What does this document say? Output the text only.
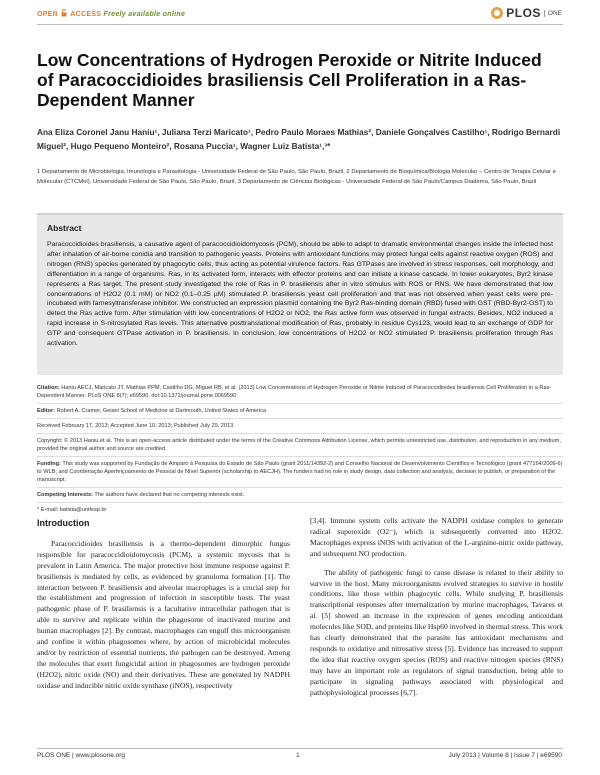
OPEN ACCESS Freely available online	PLOS	ONE
Low Concentrations of Hydrogen Peroxide or Nitrite Induced of Paracoccidioides brasiliensis Cell Proliferation in a Ras-Dependent Manner
Ana Eliza Coronel Janu Haniu¹, Juliana Terzi Maricato¹, Pedro Paulo Moraes Mathias², Daniele Gonçalves Castilho¹, Rodrigo Bernardi Miguel², Hugo Pequeno Monteiro², Rosana Puccia¹, Wagner Luiz Batista¹,³*
1 Departamento de Microbiologia, Imunologia e Parasitologia - Universidade Federal de São Paulo, São Paulo, Brazil, 2 Departamento de Bioquímica/Biologia Molecular – Centro de Terapia Celular e Molecular (CTCMol), Universidade Federal de São Paulo, São Paulo, Brazil, 3 Departamento de Ciências Biológicas - Universidade Federal de São Paulo/Campus Diadema, São Paulo, Brazil
Abstract
Paracoccidioides brasiliensis, a causative agent of paracoccidioidomycosis (PCM), should be able to adapt to dramatic environmental changes inside the infected host after inhalation of air-borne conidia and transition to pathogenic yeasts. Proteins with antioxidant functions may protect fungal cells against reactive oxygen (ROS) and nitrogen (RNS) species generated by phagocytic cells, thus acting as potential virulence factors. Ras GTPases are involved in stress responses, cell morphology, and differentiation in a range of organisms. Ras, in its activated form, interacts with effector proteins and can initiate a kinase cascade. In lower eukaryotes, Byr2 kinase represents a Ras target. The present study investigated the role of Ras in P. brasiliensis after in vitro stimulus with ROS or RNS. We have demonstrated that low concentrations of H2O2 (0.1 mM) or NO2 (0.1–0.25 µM) stimulated P. brasiliensis yeast cell proliferation and that was not observed when yeast cells were pre-incubated with farnesyltransferase inhibitor. We constructed an expression plasmid containing the Byr2 Ras-binding domain (RBD) fused with GST (RBD-Byr2-GST) to detect the Ras active form. After stimulation with low concentrations of H2O2 or NO2, the Ras active form was observed in fungal extracts. Besides, NO2 induced a rapid increase in S-nitrosylated Ras levels. This alternative posttranslational modification of Ras, probably in residue Cys123, would lead to an exchange of GDP for GTP and consequent GTPase activation in P. brasiliensis. In conclusion, low concentrations of H2O2 or NO2 stimulated P. brasiliensis proliferation through Ras activation.
Citation: Haniu AECJ, Maricato JT, Mathias PPM, Castilho DG, Miguel RB, et al. (2013) Low Concentrations of Hydrogen Peroxide or Nitrite Induced of Paracoccidioides brasiliensis Cell Proliferation in a Ras-Dependent Manner. PLoS ONE 8(7): e69590. doi:10.1371/journal.pone.0069590
Editor: Robert A. Cramer, Geisel School of Medicine at Dartmouth, United States of America
Received February 17, 2013; Accepted June 10, 2013; Published July 29, 2013
Copyright: © 2013 Haniu et al. This is an open-access article distributed under the terms of the Creative Commons Attribution License, which permits unrestricted use, distribution, and reproduction in any medium, provided the original author and source are credited.
Funding: This study was supported by Fundação de Amparo à Pesquisa do Estado de São Paulo (grant 2011/14392-2) and Conselho Nacional de Desenvolvimento Científico e Tecnológico (grant 477164/2009-6) to WLB; and Coordenação Aperfeiçoamento de Pessoal de Nível Superior (scholarship to AECJH). The funders had no role in study design, data collection and analysis, decision to publish, or preparation of the manuscript.
Competing Interests: The authors have declared that no competing interests exist.
* E-mail: batista@unifesp.br
Introduction

Paracoccidioides brasiliensis is a thermo-dependent dimorphic fungus responsible for paracoccidioidomycosis (PCM), a systemic mycosis that is prevalent in Latin America. The major protective host immune response against P. brasiliensis is mediated by cells, as evidenced by granuloma formation [1]. The interaction between P. brasiliensis and alveolar macrophages is a crucial step for the establishment and progression of infection in susceptible hosts. The yeast pathogenic phase of P. brasiliensis is a facultative intracellular pathogen that is able to survive and replicate within the phagosome of inactivated murine and human macrophages [2]. By contrast, macrophages can engulf this microorganism and confine it within phagosomes where, by action of microbicidal molecules and/or by restriction of essential nutrients, the pathogen can be destroyed. Among the molecules that exert fungicidal action in phagosomes are hydrogen peroxide (H2O2), nitric oxide (NO) and their derivatives. These are generated by NADPH oxidase and inducible nitric oxide synthase (iNOS), respectively

[3,4]. Immune system cells activate the NADPH oxidase complex to generate radical superoxide (O2⁻), which is subsequently converted into H2O2. Macrophages express iNOS with activation of the L-arginine-nitric oxide pathway, and subsequent NO production.

The ability of pathogenic fungi to cause disease is related to their ability to survive in the host. Many microorganisms evolved strategies to survive in hostile conditions, like those within phagocytic cells. While studying P. brasiliensis transcriptional responses after internalization by murine macrophages, Tavares et al. [5] showed an increase in the expression of genes encoding antioxidant molecules like SOD, and proteins like Hsp60 involved in thermal stress. This work has clearly demonstrated that the parasite has antioxidant mechanisms and responds to oxidative and nitrosative stress [5]. Evidence has increased to support the idea that reactive oxygen species (ROS) and reactive nitrogen species (RNS) may have an important role as regulators of signal transduction, being able to participate in signaling pathways associated with physiological and pathophysiological processes [6,7].

PLOS ONE | www.plosone.org	1	July 2013 | Volume 8 | Issue 7 | e69590
